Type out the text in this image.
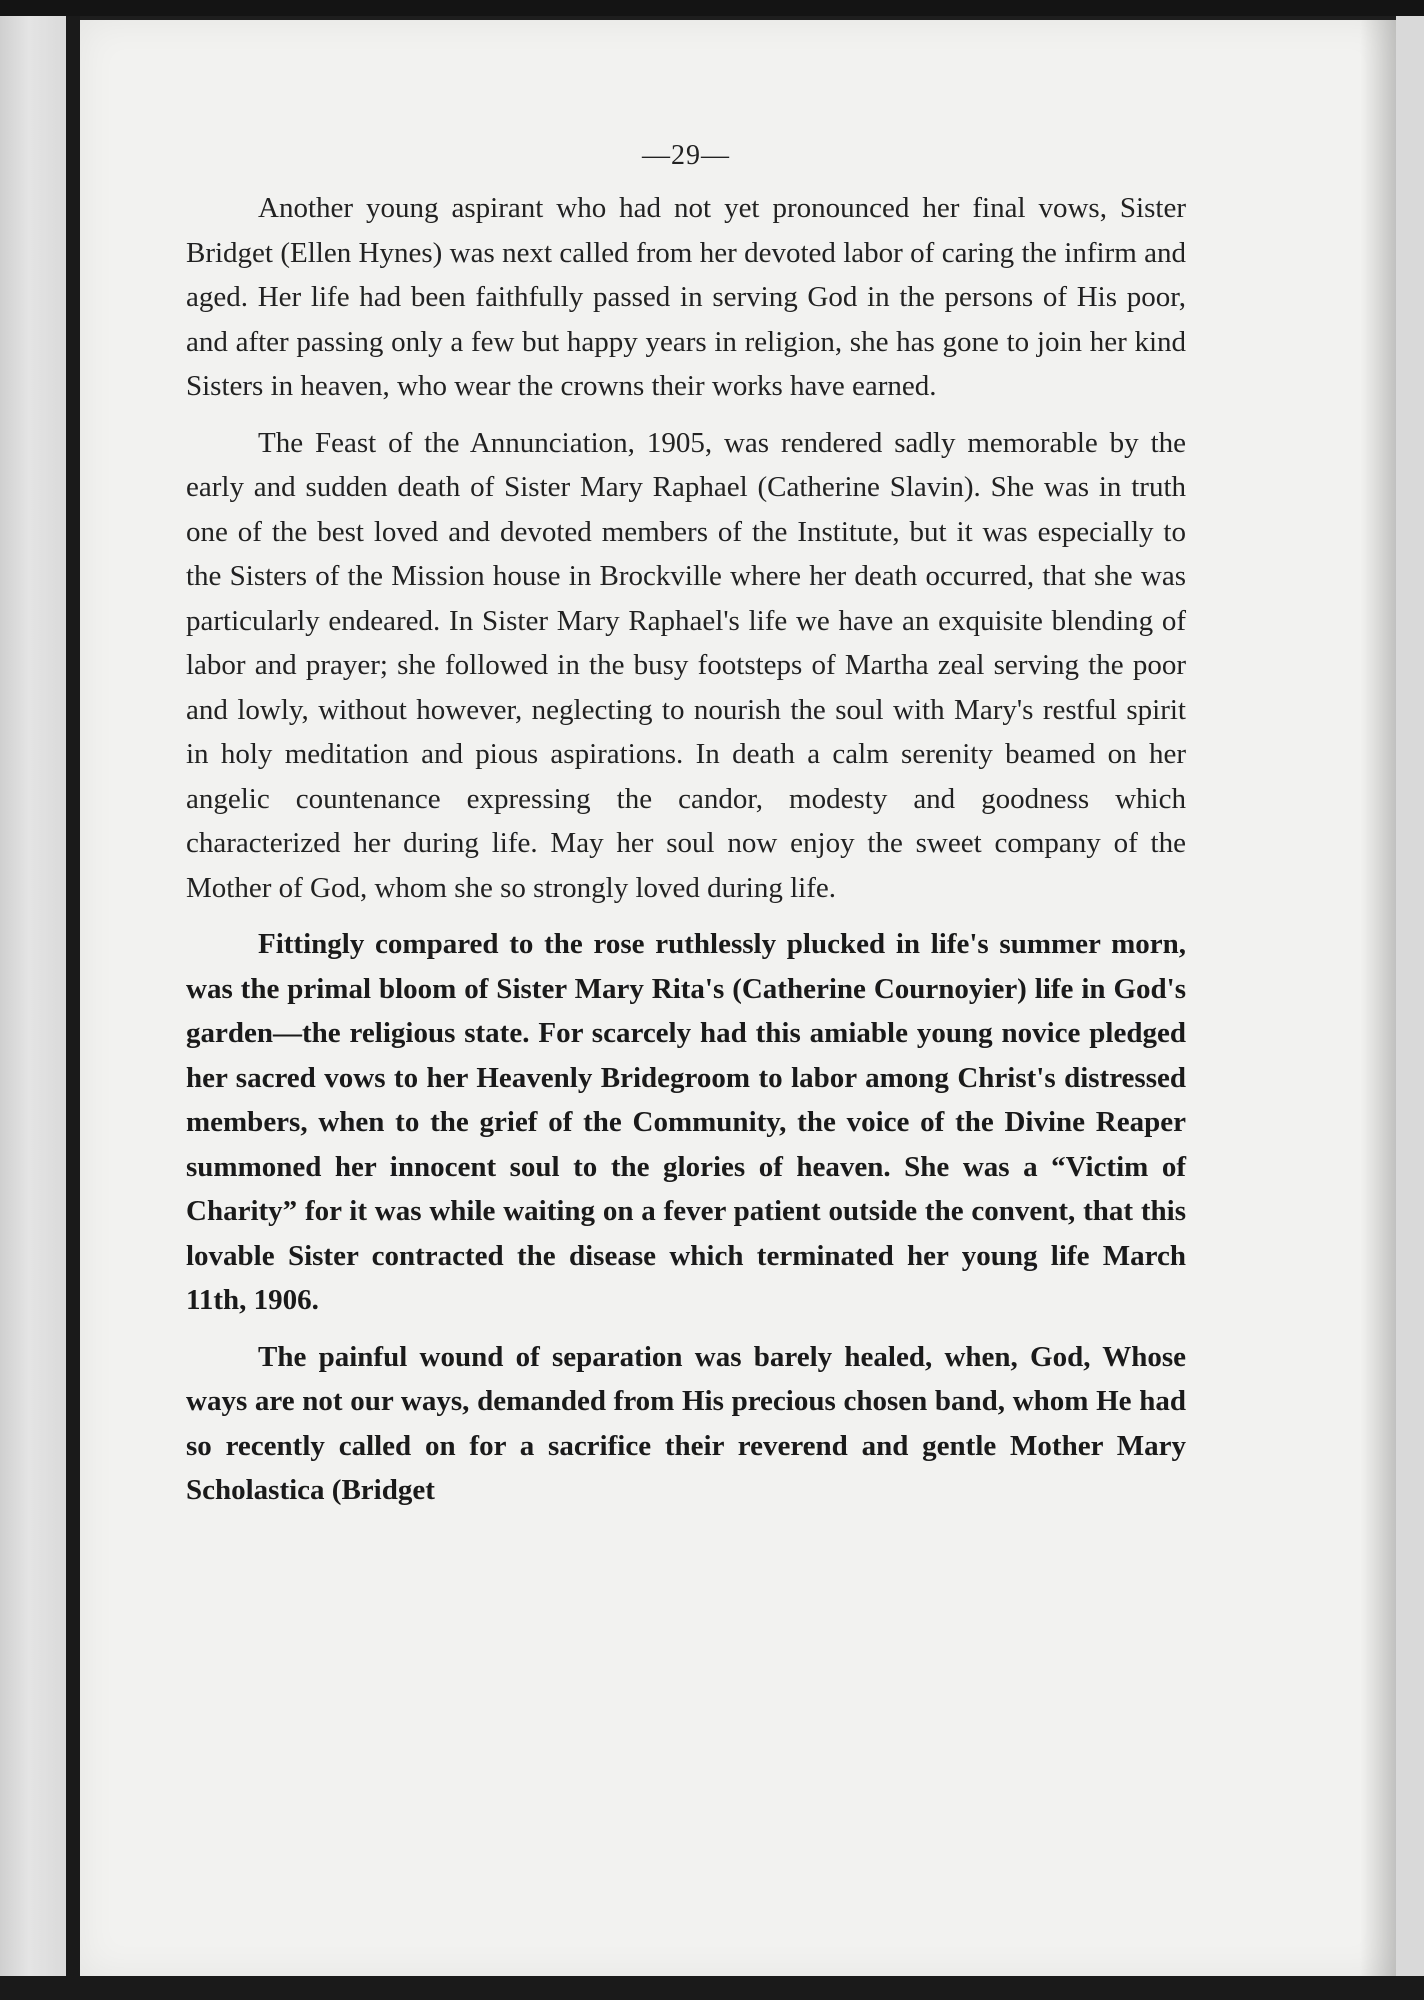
—29—

Another young aspirant who had not yet pronounced her final vows, Sister Bridget (Ellen Hynes) was next called from her devoted labor of caring the infirm and aged. Her life had been faithfully passed in serving God in the persons of His poor, and after passing only a few but happy years in religion, she has gone to join her kind Sisters in heaven, who wear the crowns their works have earned.

The Feast of the Annunciation, 1905, was rendered sadly memorable by the early and sudden death of Sister Mary Raphael (Catherine Slavin). She was in truth one of the best loved and devoted members of the Institute, but it was especially to the Sisters of the Mission house in Brockville where her death occurred, that she was particularly endeared. In Sister Mary Raphael's life we have an exquisite blending of labor and prayer; she followed in the busy footsteps of Martha zeal serving the poor and lowly, without however, neglecting to nourish the soul with Mary's restful spirit in holy meditation and pious aspirations. In death a calm serenity beamed on her angelic countenance expressing the candor, modesty and goodness which characterized her during life. May her soul now enjoy the sweet company of the Mother of God, whom she so strongly loved during life.

Fittingly compared to the rose ruthlessly plucked in life's summer morn, was the primal bloom of Sister Mary Rita's (Catherine Cournoyier) life in God's garden—the religious state. For scarcely had this amiable young novice pledged her sacred vows to her Heavenly Bridegroom to labor among Christ's distressed members, when to the grief of the Community, the voice of the Divine Reaper summoned her innocent soul to the glories of heaven. She was a “Victim of Charity” for it was while waiting on a fever patient outside the convent, that this lovable Sister contracted the disease which terminated her young life March 11th, 1906.

The painful wound of separation was barely healed, when, God, Whose ways are not our ways, demanded from His precious chosen band, whom He had so recently called on for a sacrifice their reverend and gentle Mother Mary Scholastica (Bridget
